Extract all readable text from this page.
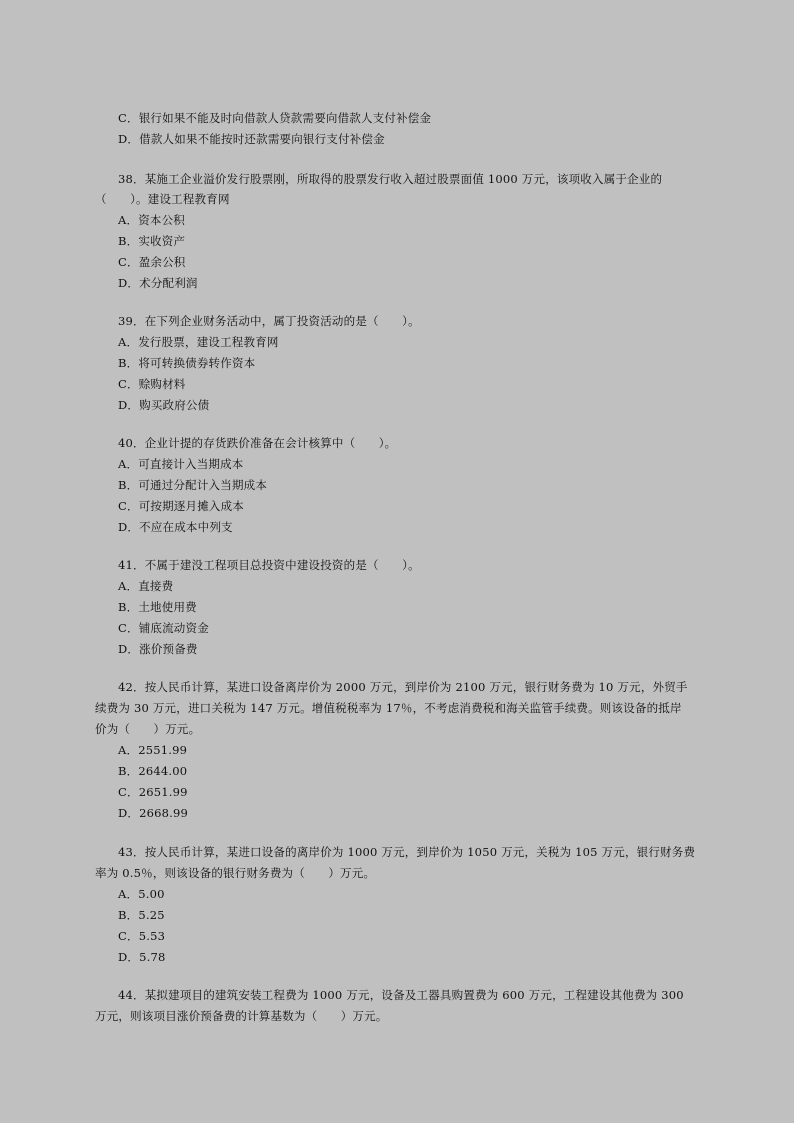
C．银行如果不能及时向借款人贷款需要向借款人支付补偿金
D．借款人如果不能按时还款需要向银行支付补偿金
38．某施工企业溢价发行股票刚，所取得的股票发行收入超过股票面值 1000 万元，该项收入属于企业的
（　　）。建设工程教育网
A．资本公积
B．实收资产
C．盈余公积
D．术分配利润
39．在下列企业财务活动中，属丁投资活动的是（　　）。
A．发行股票，建设工程教育网
B．将可转换债券转作资本
C．赊购材料
D．购买政府公债
40．企业计提的存货跌价准备在会计核算中（　　）。
A．可直接计入当期成本
B．可通过分配计入当期成本
C．可按期逐月摊入成本
D．不应在成本中列支
41．不属于建没工程项目总投资中建设投资的是（　　）。
A．直接费
B．土地使用费
C．铺底流动资金
D．涨价预备费
42．按人民币计算，某进口设备离岸价为 2000 万元，到岸价为 2100 万元，银行财务费为 10 万元，外贸手
续费为 30 万元，进口关税为 147 万元。增值税税率为 17％，不考虑消费税和海关监管手续费。则该设备的抵岸
价为（　　）万元。
A．2551.99
B．2644.00
C．2651.99
D．2668.99
43．按人民币计算，某进口设备的离岸价为 1000 万元，到岸价为 1050 万元，关税为 105 万元，银行财务费
率为 0.5％，则该设备的银行财务费为（　　）万元。
A．5.00
B．5.25
C．5.53
D．5.78
44．某拟建项目的建筑安装工程费为 1000 万元，设备及工器具购置费为 600 万元，工程建设其他费为 300
万元，则该项目涨价预备费的计算基数为（　　）万元。
